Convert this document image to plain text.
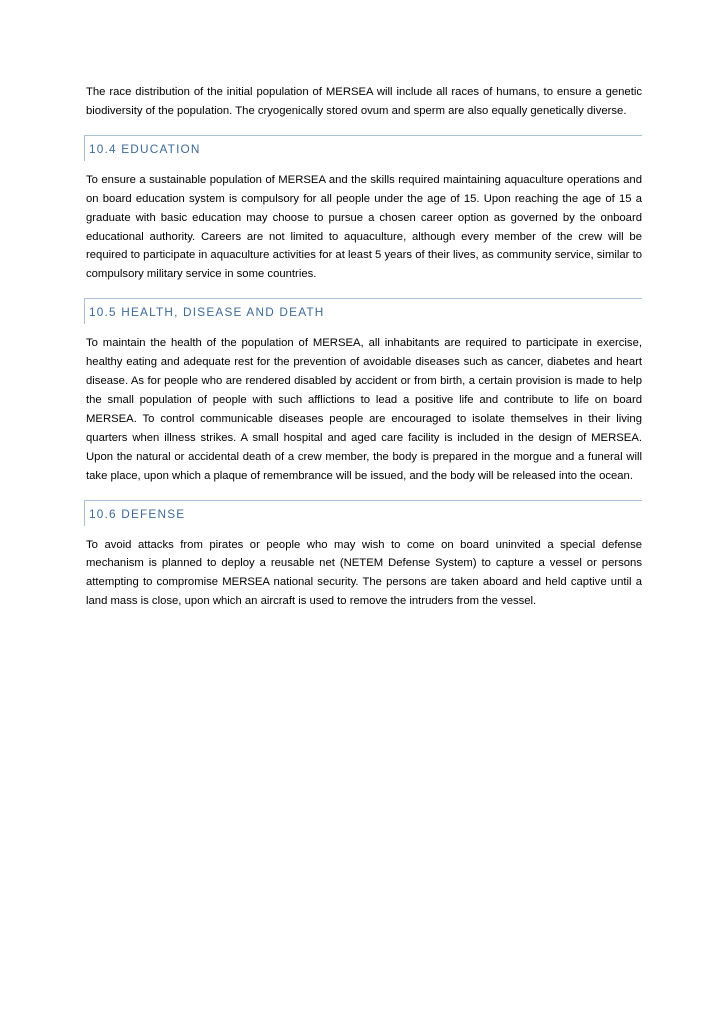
The race distribution of the initial population of MERSEA will include all races of humans, to ensure a genetic biodiversity of the population. The cryogenically stored ovum and sperm are also equally genetically diverse.

10.4 EDUCATION

To ensure a sustainable population of MERSEA and the skills required maintaining aquaculture operations and on board education system is compulsory for all people under the age of 15. Upon reaching the age of 15 a graduate with basic education may choose to pursue a chosen career option as governed by the onboard educational authority. Careers are not limited to aquaculture, although every member of the crew will be required to participate in aquaculture activities for at least 5 years of their lives, as community service, similar to compulsory military service in some countries.

10.5 HEALTH, DISEASE AND DEATH

To maintain the health of the population of MERSEA, all inhabitants are required to participate in exercise, healthy eating and adequate rest for the prevention of avoidable diseases such as cancer, diabetes and heart disease. As for people who are rendered disabled by accident or from birth, a certain provision is made to help the small population of people with such afflictions to lead a positive life and contribute to life on board MERSEA. To control communicable diseases people are encouraged to isolate themselves in their living quarters when illness strikes. A small hospital and aged care facility is included in the design of MERSEA. Upon the natural or accidental death of a crew member, the body is prepared in the morgue and a funeral will take place, upon which a plaque of remembrance will be issued, and the body will be released into the ocean.

10.6 DEFENSE

To avoid attacks from pirates or people who may wish to come on board uninvited a special defense mechanism is planned to deploy a reusable net (NETEM Defense System) to capture a vessel or persons attempting to compromise MERSEA national security. The persons are taken aboard and held captive until a land mass is close, upon which an aircraft is used to remove the intruders from the vessel.
